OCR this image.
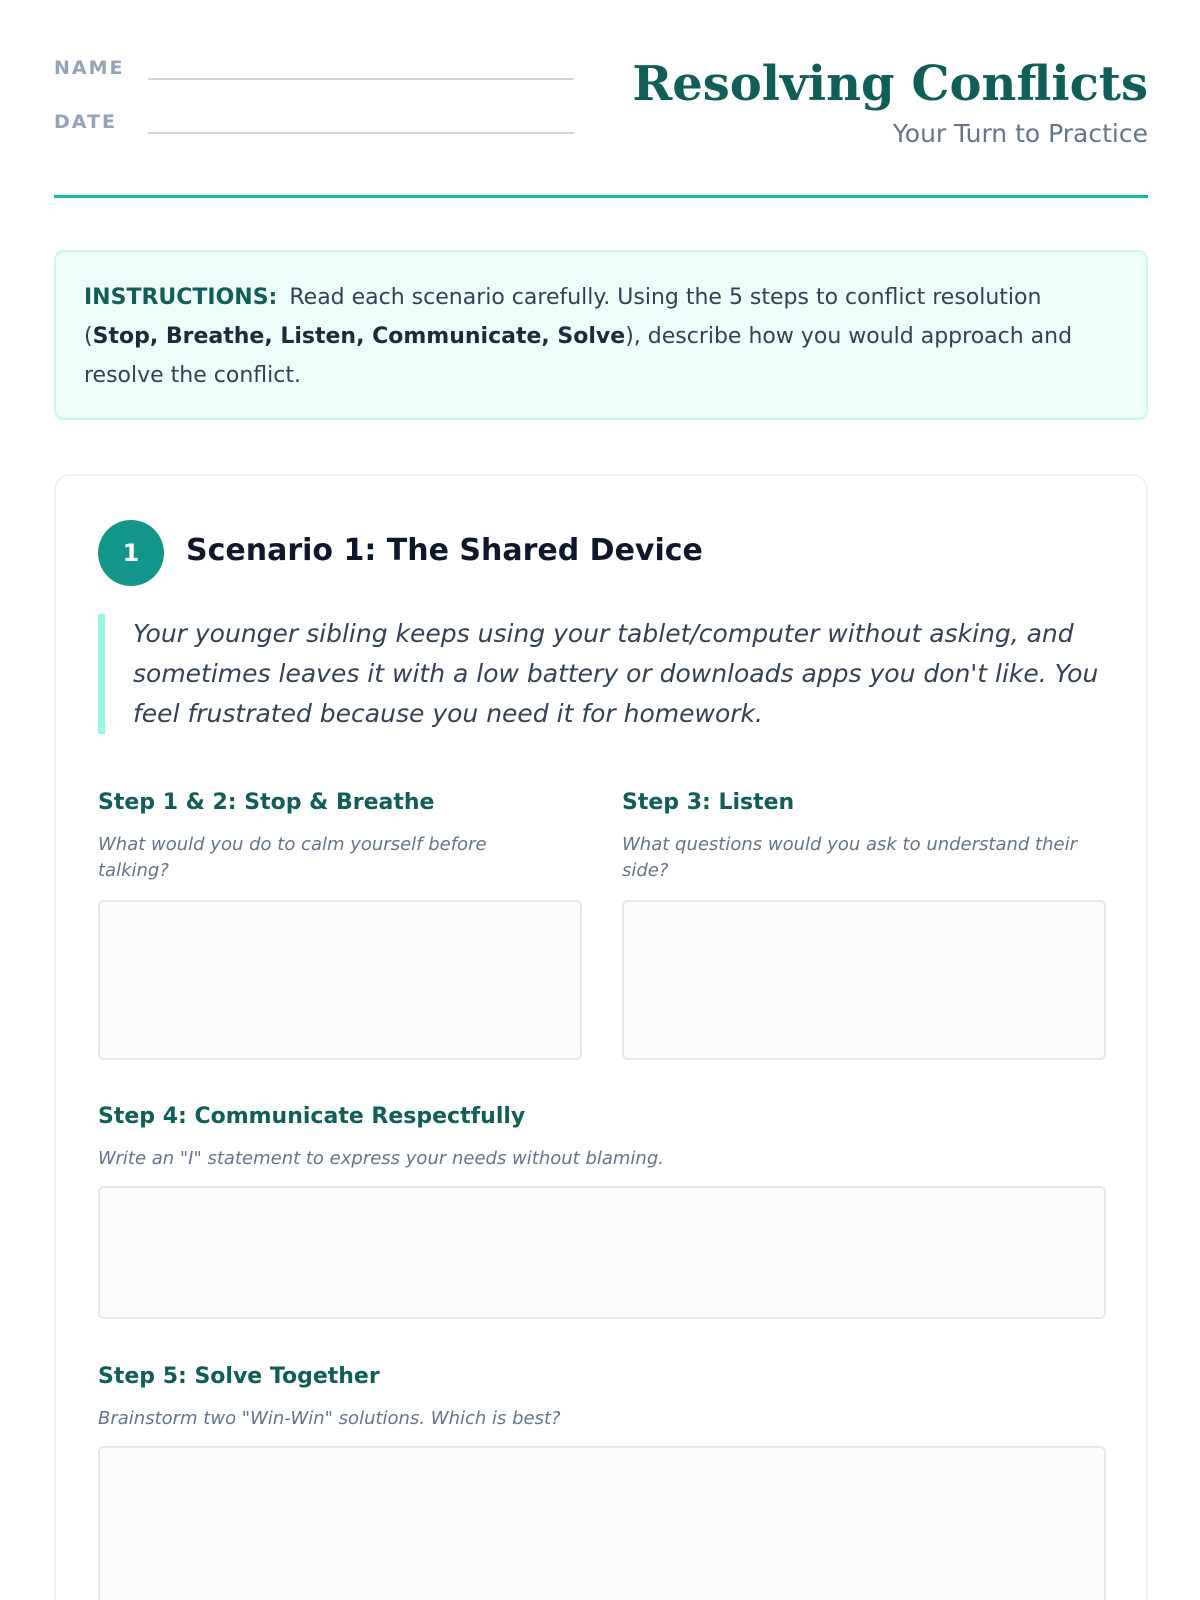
NAME
DATE
Resolving Conflicts
Your Turn to Practice
INSTRUCTIONS: Read each scenario carefully. Using the 5 steps to conflict resolution (Stop, Breathe, Listen, Communicate, Solve), describe how you would approach and resolve the conflict.
1	Scenario 1: The Shared Device
Your younger sibling keeps using your tablet/computer without asking, and sometimes leaves it with a low battery or downloads apps you don't like. You feel frustrated because you need it for homework.
Step 1 & 2: Stop & Breathe
What would you do to calm yourself before talking?
Step 3: Listen
What questions would you ask to understand their side?
Step 4: Communicate Respectfully
Write an "I" statement to express your needs without blaming.
Step 5: Solve Together
Brainstorm two "Win-Win" solutions. Which is best?
